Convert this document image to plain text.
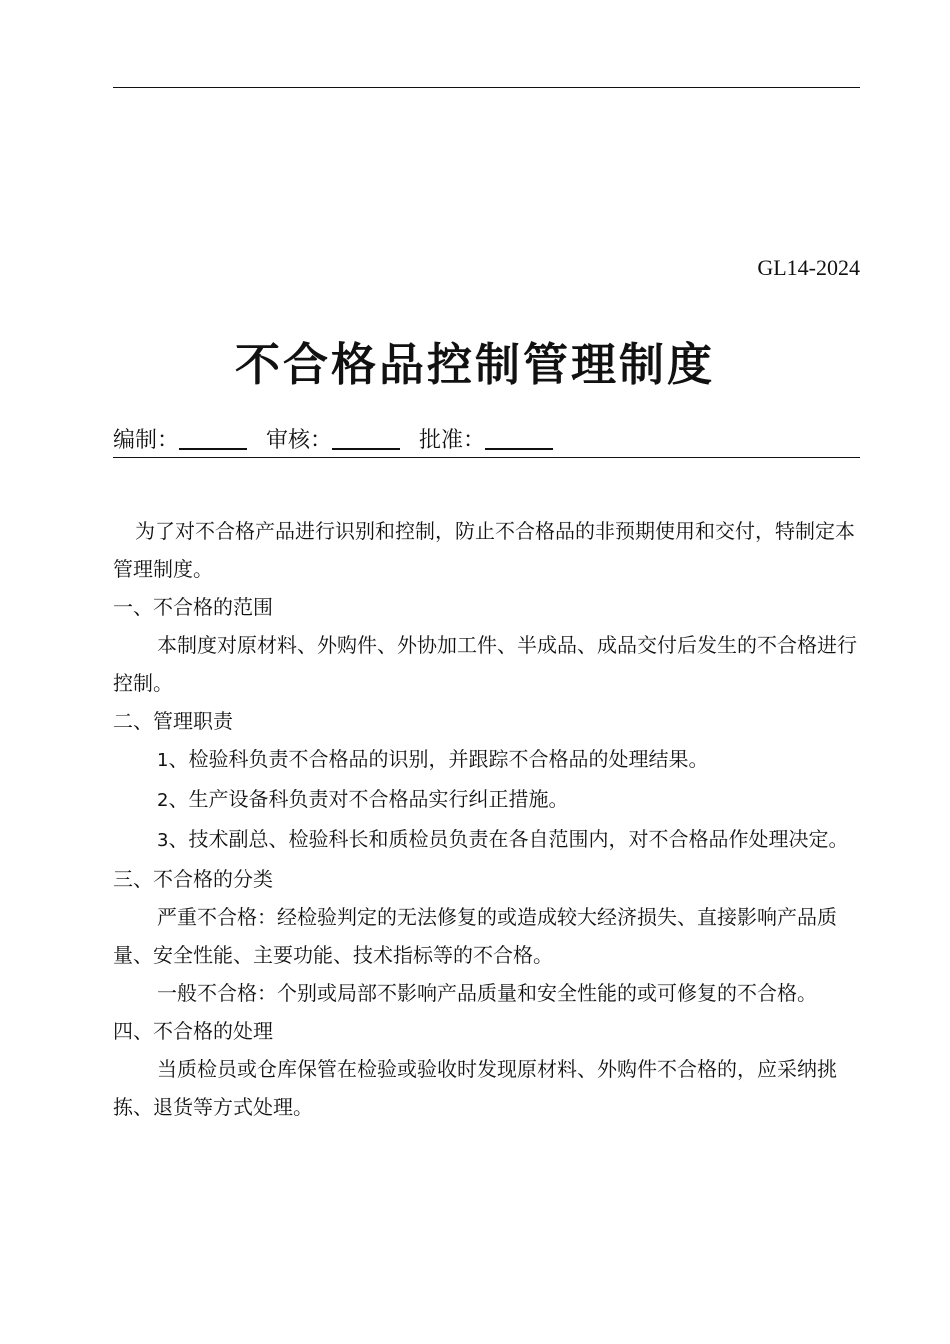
GL14-2024
不合格品控制管理制度
编制：	审核：	批准：

为了对不合格产品进行识别和控制，防止不合格品的非预期使用和交付，特制定本管理制度。

一、不合格的范围

本制度对原材料、外购件、外协加工件、半成品、成品交付后发生的不合格进行控制。

二、管理职责

1、检验科负责不合格品的识别，并跟踪不合格品的处理结果。

2、生产设备科负责对不合格品实行纠正措施。

3、技术副总、检验科长和质检员负责在各自范围内，对不合格品作处理决定。

三、不合格的分类

严重不合格：经检验判定的无法修复的或造成较大经济损失、直接影响产品质量、安全性能、主要功能、技术指标等的不合格。

一般不合格：个别或局部不影响产品质量和安全性能的或可修复的不合格。

四、不合格的处理

当质检员或仓库保管在检验或验收时发现原材料、外购件不合格的，应采纳挑拣、退货等方式处理。
